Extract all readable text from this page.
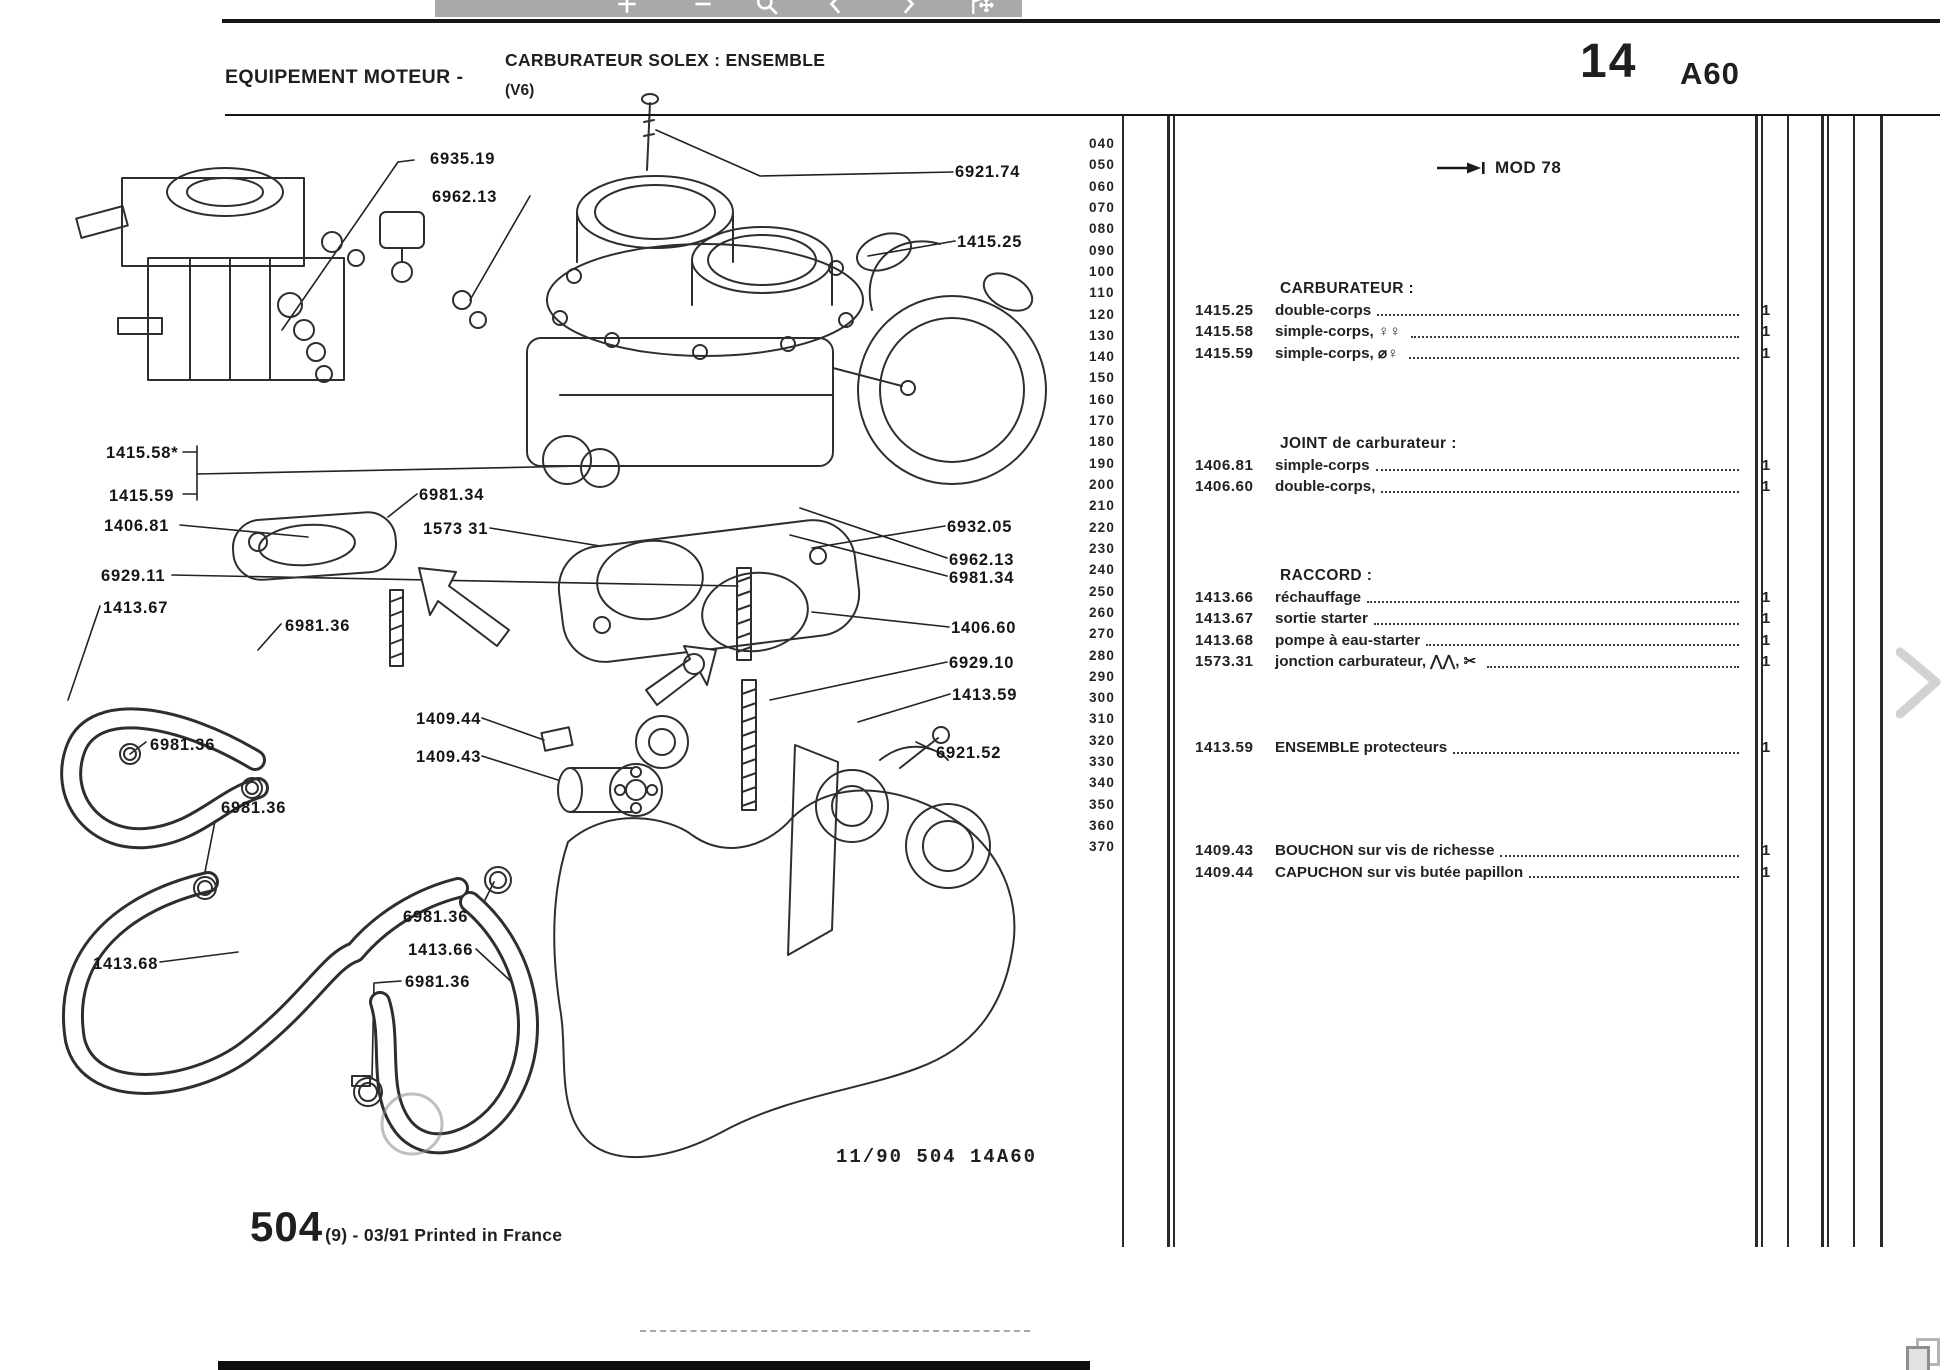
6935.19
6962.13
6921.74
1415.25
1415.58*
1415.59
1406.81
6981.34
1573 31	6932.05
6962.13
6981.34
6929.11
1413.67
6981.36	1406.60
6929.10
1413.59
1409.44
1409.43	6921.52
6981.36
6981.36
6981.36
1413.66
6981.36
1413.68
EQUIPEMENT MOTEUR -
CARBURATEUR SOLEX : ENSEMBLE
(V6)
14 A60
MOD 78
040
050
060
070
080
090
100
110
120
130
140
150
160
170
180
190
200
210
220
230
240
250
260
270
280
290
300
310
320
330
340
350
360
370
CARBURATEUR :
1415.25	double-corps	1
1415.58	simple-corps, ♀♀	1
1415.59	simple-corps, ⌀♀	1
JOINT de carburateur :
1406.81	simple-corps	1
1406.60	double-corps,	1
RACCORD :
1413.66	réchauffage	1
1413.67	sortie starter	1
1413.68	pompe à eau-starter	1
1573.31	jonction carburateur, ⋀⋀, ✂	1
1413.59	ENSEMBLE protecteurs	1
1409.43	BOUCHON sur vis de richesse	1
1409.44	CAPUCHON sur vis butée papillon	1
11/90 504 14A60
504 (9) - 03/91 Printed in France
